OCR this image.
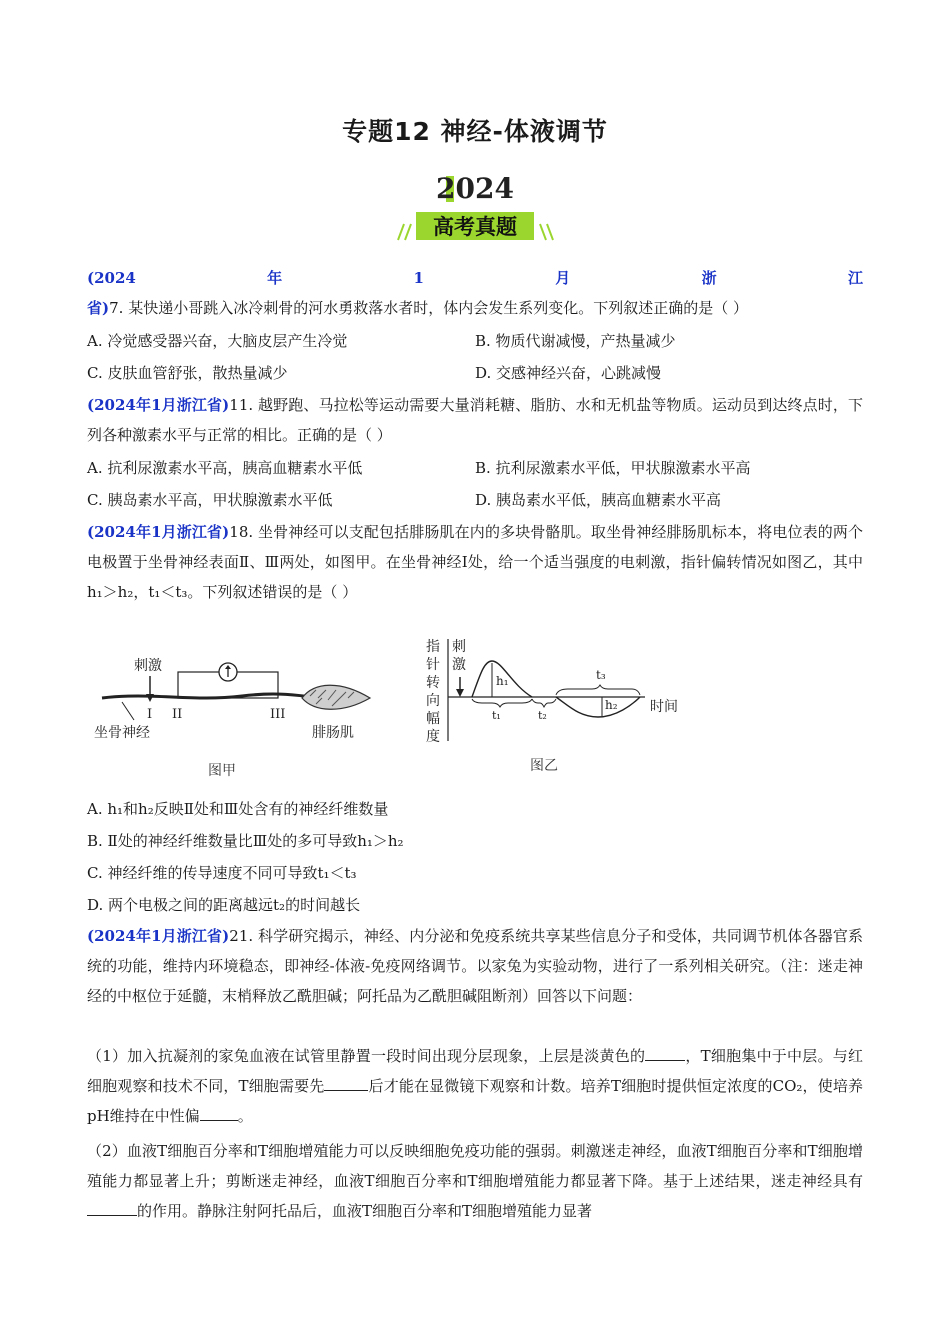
专题12 神经-体液调节
2024
高考真题
(2024年1月浙江省)7. 某快递小哥跳入冰冷刺骨的河水勇救落水者时，体内会发生系列变化。下列叙述正确的是（ ）
A. 冷觉感受器兴奋，大脑皮层产生冷觉	B. 物质代谢减慢，产热量减少
C. 皮肤血管舒张，散热量减少	D. 交感神经兴奋，心跳减慢
(2024年1月浙江省)11. 越野跑、马拉松等运动需要大量消耗糖、脂肪、水和无机盐等物质。运动员到达终点时，下列各种激素水平与正常的相比。正确的是（ ）
A. 抗利尿激素水平高，胰高血糖素水平低	B. 抗利尿激素水平低，甲状腺激素水平高
C. 胰岛素水平高，甲状腺激素水平低	D. 胰岛素水平低，胰高血糖素水平高
(2024年1月浙江省)18. 坐骨神经可以支配包括腓肠肌在内的多块骨骼肌。取坐骨神经腓肠肌标本，将电位表的两个电极置于坐骨神经表面Ⅱ、Ⅲ两处，如图甲。在坐骨神经Ⅰ处，给一个适当强度的电刺激，指针偏转情况如图乙，其中h₁＞h₂，t₁＜t₃。下列叙述错误的是（ ）
刺激
I II	III
坐骨神经	腓肠肌
图甲
指
针
转
向
幅
度
刺
激
h₁
t₁	t₂
h₂
t₃
时间
图乙
A. h₁和h₂反映Ⅱ处和Ⅲ处含有的神经纤维数量
B. Ⅱ处的神经纤维数量比Ⅲ处的多可导致h₁＞h₂
C. 神经纤维的传导速度不同可导致t₁＜t₃
D. 两个电极之间的距离越远t₂的时间越长
(2024年1月浙江省)21. 科学研究揭示，神经、内分泌和免疫系统共享某些信息分子和受体，共同调节机体各器官系统的功能，维持内环境稳态，即神经-体液-免疫网络调节。以家兔为实验动物，进行了一系列相关研究。（注：迷走神经的中枢位于延髓，末梢释放乙酰胆碱；阿托品为乙酰胆碱阻断剂）回答以下问题：
（1）加入抗凝剂的家兔血液在试管里静置一段时间出现分层现象，上层是淡黄色的	，T细胞集中于中层。与红细胞观察和技术不同，T细胞需要先	后才能在显微镜下观察和计数。培养T细胞时提供恒定浓度的CO₂，使培养pH维持在中性偏	。
（2）血液T细胞百分率和T细胞增殖能力可以反映细胞免疫功能的强弱。刺激迷走神经，血液T细胞百分率和T细胞增殖能力都显著上升；剪断迷走神经，血液T细胞百分率和T细胞增殖能力都显著下降。基于上述结果，迷走神经具有的作用。静脉注射阿托品后，血液T细胞百分率和T细胞增殖能力显著
